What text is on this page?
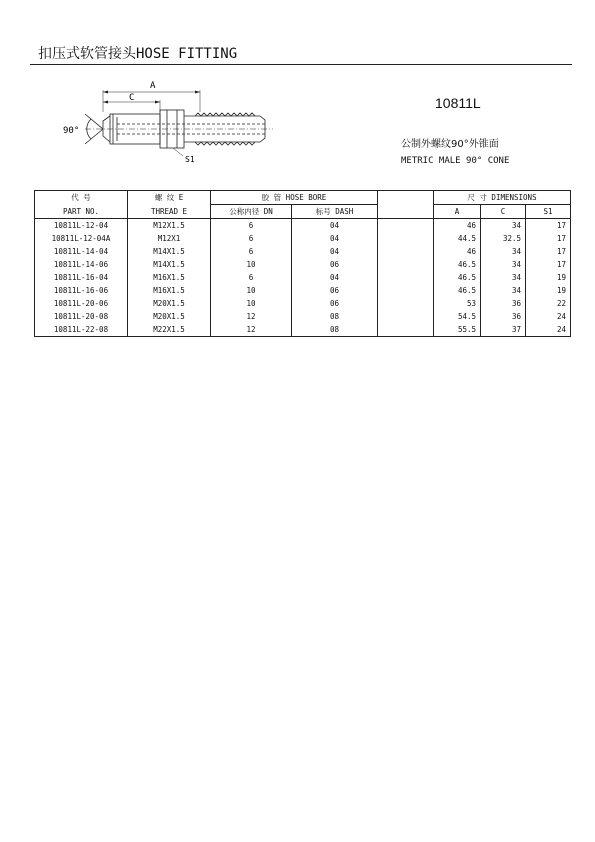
扣压式软管接头HOSE FITTING
A
C
90°
S1
10811L
公制外螺纹90°外锥面
METRIC MALE 90° CONE
代 号	螺 纹 E	胶 管 HOSE BORE			尺 寸 DIMENSIONS		
PART NO.	THREAD E	公称内径 DN	标号 DASH		A	C	S1
10811L-12-04	M12X1.5	6	04		46	34	17
10811L-12-04A	M12X1	6	04		44.5	32.5	17
10811L-14-04	M14X1.5	6	04		46	34	17
10811L-14-06	M14X1.5	10	06		46.5	34	17
10811L-16-04	M16X1.5	6	04		46.5	34	19
10811L-16-06	M16X1.5	10	06		46.5	34	19
10811L-20-06	M20X1.5	10	06		53	36	22
10811L-20-08	M20X1.5	12	08		54.5	36	24
10811L-22-08	M22X1.5	12	08		55.5	37	24
